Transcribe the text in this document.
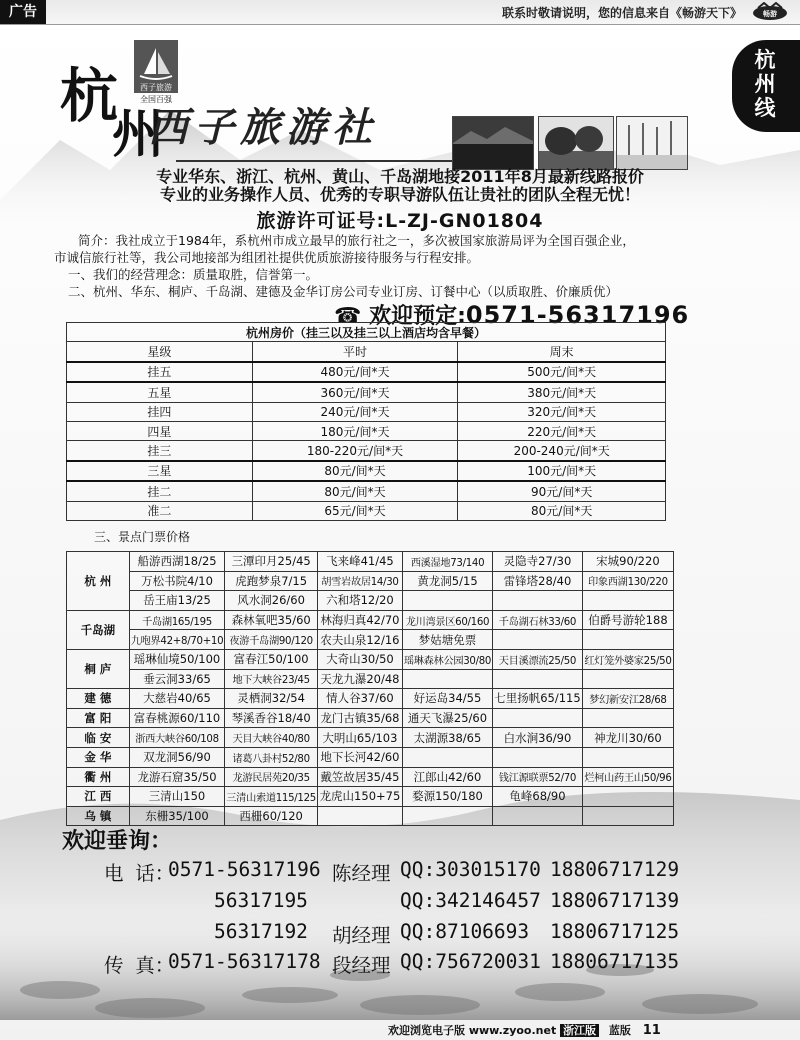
广告	联系时敬请说明，您的信息来自《畅游天下》	畅游
杭
州
线
西子旅游
全国百强
杭
州
西子旅游社
专业华东、浙江、杭州、黄山、千岛湖地接2011年8月最新线路报价
专业的业务操作人员、优秀的专职导游队伍让贵社的团队全程无忧！
旅游许可证号:L-ZJ-GN01804

简介：我社成立于1984年，系杭州市成立最早的旅行社之一，多次被国家旅游局评为全国百强企业，

市诚信旅行社等，我公司地接部为组团社提供优质旅游接待服务与行程安排。

一、我们的经营理念：质量取胜，信誉第一。

二、杭州、华东、桐庐、千岛湖、建德及金华订房公司专业订房、订餐中心（以质取胜、价廉质优）

☎ 欢迎预定:0571-56317196
杭州房价（挂三以及挂三以上酒店均含早餐）		
星级	平时	周末
挂五	480元/间*天	500元/间*天
五星	360元/间*天	380元/间*天
挂四	240元/间*天	320元/间*天
四星	180元/间*天	220元/间*天
挂三	180-220元/间*天	200-240元/间*天
三星	80元/间*天	100元/间*天
挂二	80元/间*天	90元/间*天
准二	65元/间*天	80元/间*天
三、景点门票价格
杭 州	船游西湖18/25	三潭印月25/45	飞来峰41/45	西溪湿地73/140	灵隐寺27/30	宋城90/220
	万松书院4/10	虎跑梦泉7/15	胡雪岩故居14/30	黄龙洞5/15	雷锋塔28/40	印象西湖130/220
	岳王庙13/25	风水洞26/60	六和塔12/20			
千岛湖	千岛湖165/195	森林氧吧35/60	林海归真42/70	龙川湾景区60/160	千岛湖石林33/60	伯爵号游轮188
	九咆界42+8/70+10	夜游千岛湖90/120	农夫山泉12/16	梦姑塘免票		
桐 庐	瑶琳仙境50/100	富春江50/100	大奇山30/50	瑶琳森林公园30/80	天目溪漂流25/50	红灯笼外婆家25/50
	垂云洞33/65	地下大峡谷23/45	天龙九瀑20/48			
建 德	大慈岩40/65	灵栖洞32/54	情人谷37/60	好运岛34/55	七里扬帆65/115	梦幻新安江28/68
富 阳	富春桃源60/110	琴溪香谷18/40	龙门古镇35/68	通天飞瀑25/60		
临 安	浙西大峡谷60/108	天目大峡谷40/80	大明山65/103	太湖源38/65	白水涧36/90	神龙川30/60
金 华	双龙洞56/90	诸葛八卦村52/80	地下长河42/60			
衢 州	龙游石窟35/50	龙游民居苑20/35	戴笠故居35/45	江郎山42/60	钱江源联票52/70	烂柯山药王山50/96
江 西	三清山150	三清山索道115/125	龙虎山150+75	婺源150/180	龟峰68/90	
乌 镇	东栅35/100	西栅60/120				
欢迎垂询：
电 话：
0571-56317196 陈经理 QQ:303015170 18806717129
56317195	QQ:342146457 18806717139
56317192 胡经理 QQ:87106693 18806717125
传 真：
0571-56317178 段经理 QQ:756720031 18806717135
欢迎浏览电子版 www.zyoo.net 浙江版 蓝版 11
